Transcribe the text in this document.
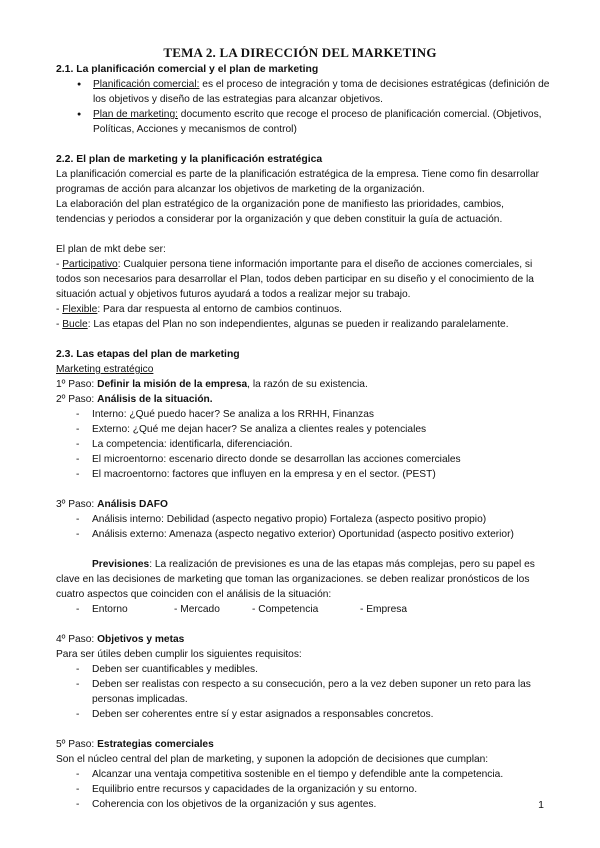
TEMA 2. LA DIRECCIÓN DEL MARKETING
2.1. La planificación comercial y el plan de marketing
● Planificación comercial: es el proceso de integración y toma de decisiones estratégicas (definición de los objetivos y diseño de las estrategias para alcanzar objetivos.
● Plan de marketing: documento escrito que recoge el proceso de planificación comercial. (Objetivos, Políticas, Acciones y mecanismos de control)
2.2. El plan de marketing y la planificación estratégica

La planificación comercial es parte de la planificación estratégica de la empresa. Tiene como fin desarrollar programas de acción para alcanzar los objetivos de marketing de la organización.

La elaboración del plan estratégico de la organización pone de manifiesto las prioridades, cambios, tendencias y periodos a considerar por la organización y que deben constituir la guía de actuación.

El plan de mkt debe ser:

- Participativo: Cualquier persona tiene información importante para el diseño de acciones comerciales, si todos son necesarios para desarrollar el Plan, todos deben participar en su diseño y el conocimiento de la situación actual y objetivos futuros ayudará a todos a realizar mejor su trabajo.

- Flexible: Para dar respuesta al entorno de cambios continuos.

- Bucle: Las etapas del Plan no son independientes, algunas se pueden ir realizando paralelamente.

2.3. Las etapas del plan de marketing

Marketing estratégico

1º Paso: Definir la misión de la empresa, la razón de su existencia.

2º Paso: Análisis de la situación.

- Interno: ¿Qué puedo hacer? Se analiza a los RRHH, Finanzas
- Externo: ¿Qué me dejan hacer? Se analiza a clientes reales y potenciales
- La competencia: identificarla, diferenciación.
- El microentorno: escenario directo donde se desarrollan las acciones comerciales
- El macroentorno: factores que influyen en la empresa y en el sector. (PEST)

3º Paso: Análisis DAFO

- Análisis interno: Debilidad (aspecto negativo propio) Fortaleza (aspecto positivo propio)
- Análisis externo: Amenaza (aspecto negativo exterior) Oportunidad (aspecto positivo exterior)

Previsiones: La realización de previsiones es una de las etapas más complejas, pero su papel es clave en las decisiones de marketing que toman las organizaciones. se deben realizar pronósticos de los cuatro aspectos que coinciden con el análisis de la situación:

- Entorno	- Mercado	- Competencia	- Empresa

4º Paso: Objetivos y metas

Para ser útiles deben cumplir los siguientes requisitos:

- Deben ser cuantificables y medibles.
- Deben ser realistas con respecto a su consecución, pero a la vez deben suponer un reto para las personas implicadas.
- Deben ser coherentes entre sí y estar asignados a responsables concretos.

5º Paso: Estrategias comerciales

Son el núcleo central del plan de marketing, y suponen la adopción de decisiones que cumplan:

- Alcanzar una ventaja competitiva sostenible en el tiempo y defendible ante la competencia.
- Equilibrio entre recursos y capacidades de la organización y su entorno.
- Coherencia con los objetivos de la organización y sus agentes.	1
